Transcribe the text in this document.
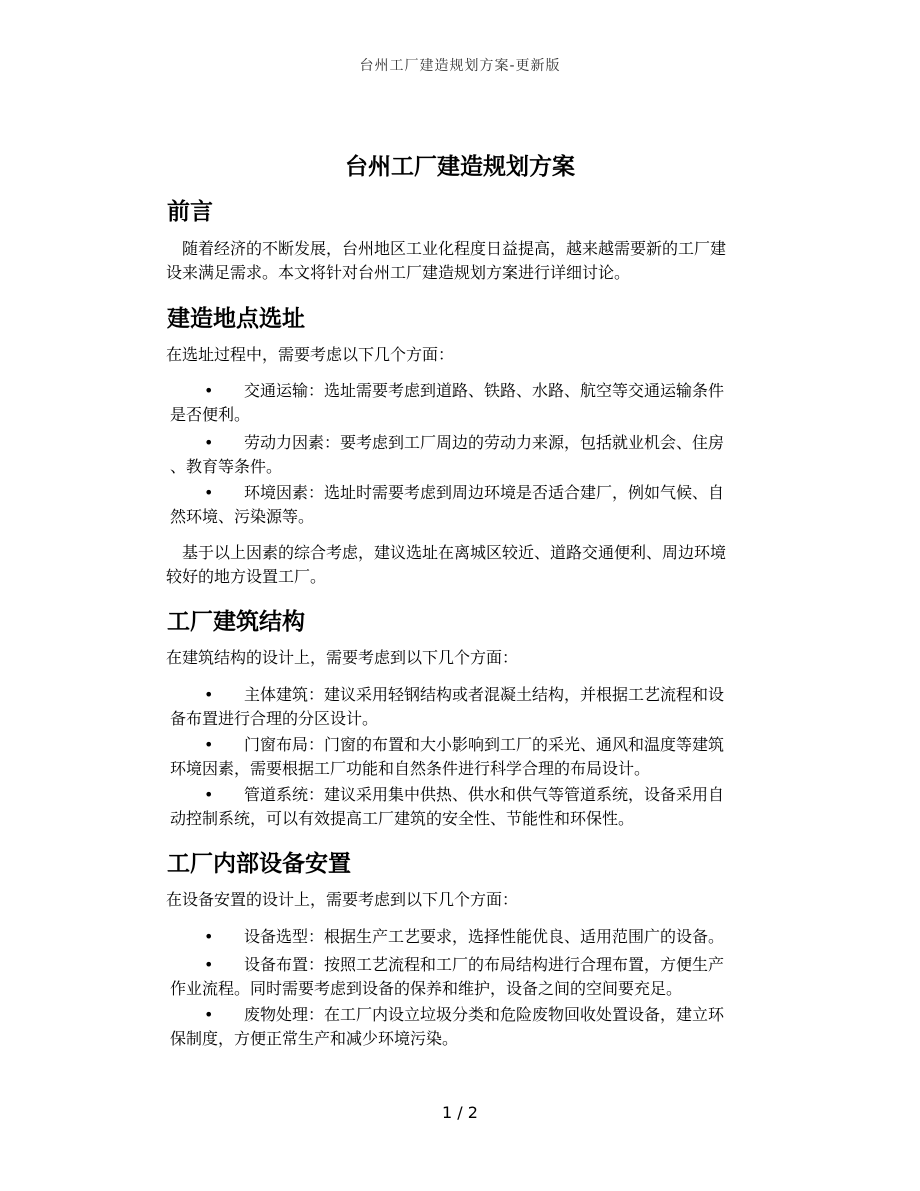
台州工厂建造规划方案-更新版
台州工厂建造规划方案
前言
　随着经济的不断发展，台州地区工业化程度日益提高，越来越需要新的工厂建
设来满足需求。本文将针对台州工厂建造规划方案进行详细讨论。
建造地点选址
在选址过程中，需要考虑以下几个方面：
•	交通运输：选址需要考虑到道路、铁路、水路、航空等交通运输条件
是否便利。
•	劳动力因素：要考虑到工厂周边的劳动力来源，包括就业机会、住房
、教育等条件。
•	环境因素：选址时需要考虑到周边环境是否适合建厂，例如气候、自
然环境、污染源等。
　基于以上因素的综合考虑，建议选址在离城区较近、道路交通便利、周边环境
较好的地方设置工厂。
工厂建筑结构
在建筑结构的设计上，需要考虑到以下几个方面：
•	主体建筑：建议采用轻钢结构或者混凝土结构，并根据工艺流程和设
备布置进行合理的分区设计。
•	门窗布局：门窗的布置和大小影响到工厂的采光、通风和温度等建筑
环境因素，需要根据工厂功能和自然条件进行科学合理的布局设计。
•	管道系统：建议采用集中供热、供水和供气等管道系统，设备采用自
动控制系统，可以有效提高工厂建筑的安全性、节能性和环保性。
工厂内部设备安置
在设备安置的设计上，需要考虑到以下几个方面：
•	设备选型：根据生产工艺要求，选择性能优良、适用范围广的设备。
•	设备布置：按照工艺流程和工厂的布局结构进行合理布置，方便生产
作业流程。同时需要考虑到设备的保养和维护，设备之间的空间要充足。
•	废物处理：在工厂内设立垃圾分类和危险废物回收处置设备，建立环
保制度，方便正常生产和减少环境污染。
1 / 2
